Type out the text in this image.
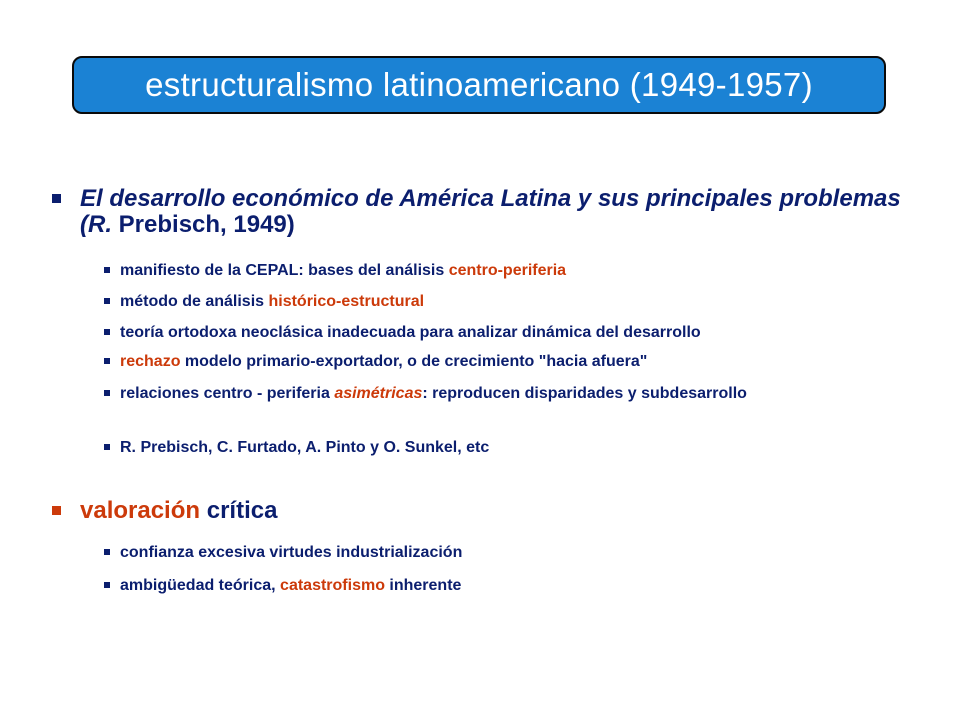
estructuralismo latinoamericano (1949-1957)
El desarrollo económico de América Latina y sus principales problemas (R. Prebisch, 1949)
manifiesto de la CEPAL: bases del análisis centro-periferia
método de análisis histórico-estructural
teoría ortodoxa neoclásica inadecuada para analizar dinámica del desarrollo
rechazo modelo primario-exportador, o de crecimiento "hacia afuera"
relaciones centro - periferia asimétricas: reproducen disparidades y subdesarrollo
R. Prebisch, C. Furtado, A. Pinto y O. Sunkel, etc
valoración crítica
confianza excesiva virtudes industrialización
ambigüedad teórica, catastrofismo inherente
